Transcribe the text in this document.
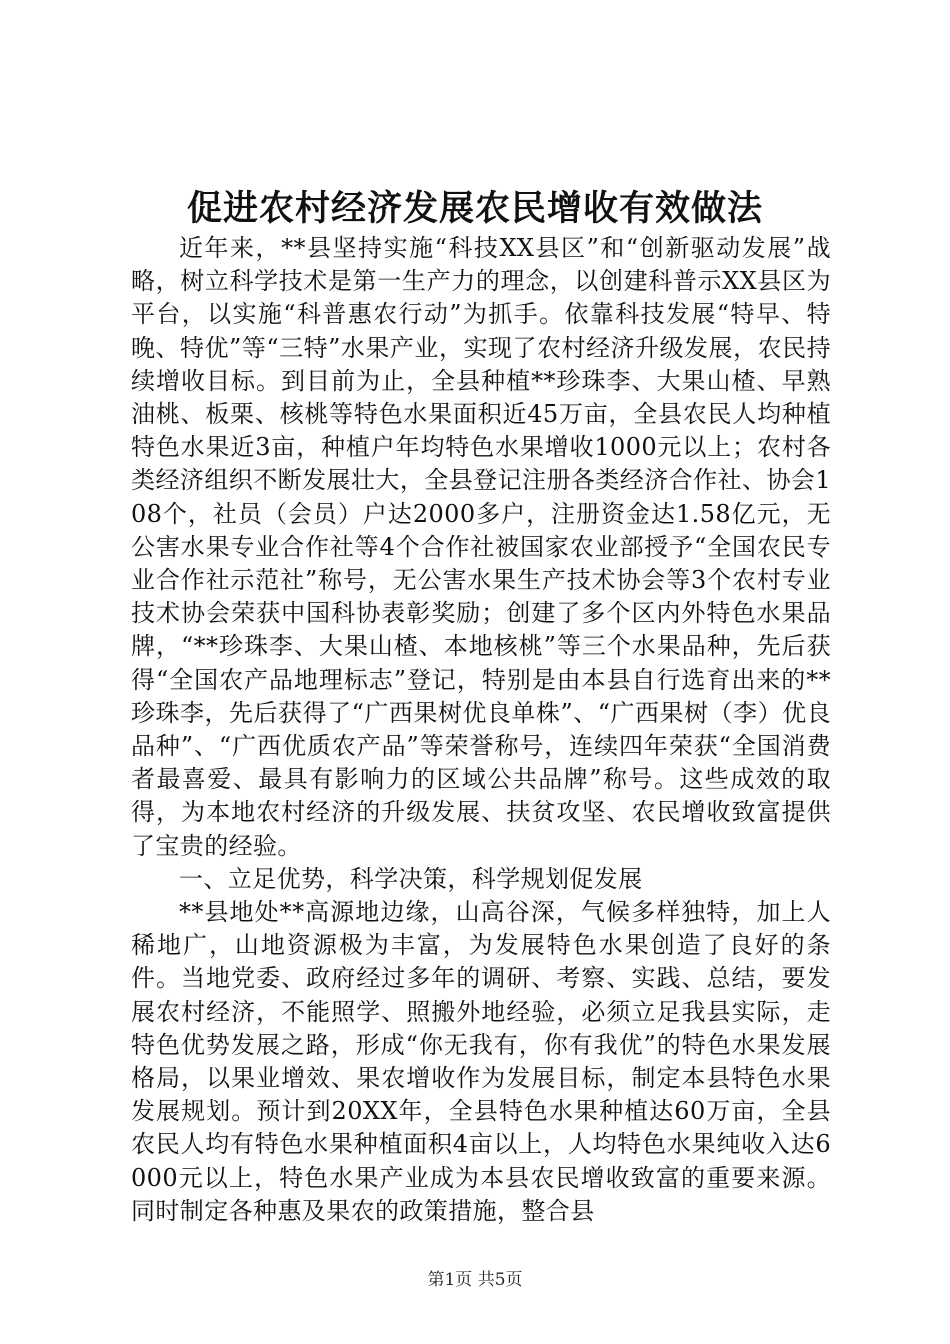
促进农村经济发展农民增收有效做法

近年来，**县坚持实施“科技XX县区”和“创新驱动发展”战略，树立科学技术是第一生产力的理念，以创建科普示XX县区为平台，以实施“科普惠农行动”为抓手。依靠科技发展“特早、特晚、特优”等“三特”水果产业，实现了农村经济升级发展，农民持续增收目标。到目前为止，全县种植**珍珠李、大果山楂、早熟油桃、板栗、核桃等特色水果面积近45万亩，全县农民人均种植特色水果近3亩，种植户年均特色水果增收1000元以上；农村各类经济组织不断发展壮大，全县登记注册各类经济合作社、协会108个，社员（会员）户达2000多户，注册资金达1.58亿元，无公害水果专业合作社等4个合作社被国家农业部授予“全国农民专业合作社示范社”称号，无公害水果生产技术协会等3个农村专业技术协会荣获中国科协表彰奖励；创建了多个区内外特色水果品牌，“**珍珠李、大果山楂、本地核桃”等三个水果品种，先后获得“全国农产品地理标志”登记，特别是由本县自行选育出来的**珍珠李，先后获得了“广西果树优良单株”、“广西果树（李）优良品种”、“广西优质农产品”等荣誉称号，连续四年荣获“全国消费者最喜爱、最具有影响力的区域公共品牌”称号。这些成效的取得，为本地农村经济的升级发展、扶贫攻坚、农民增收致富提供了宝贵的经验。

一、立足优势，科学决策，科学规划促发展

**县地处**高源地边缘，山高谷深，气候多样独特，加上人稀地广，山地资源极为丰富，为发展特色水果创造了良好的条件。当地党委、政府经过多年的调研、考察、实践、总结，要发展农村经济，不能照学、照搬外地经验，必须立足我县实际，走特色优势发展之路，形成“你无我有，你有我优”的特色水果发展格局，以果业增效、果农增收作为发展目标，制定本县特色水果发展规划。预计到20XX年，全县特色水果种植达60万亩，全县农民人均有特色水果种植面积4亩以上，人均特色水果纯收入达6000元以上，特色水果产业成为本县农民增收致富的重要来源。同时制定各种惠及果农的政策措施，整合县

第1页 共5页
